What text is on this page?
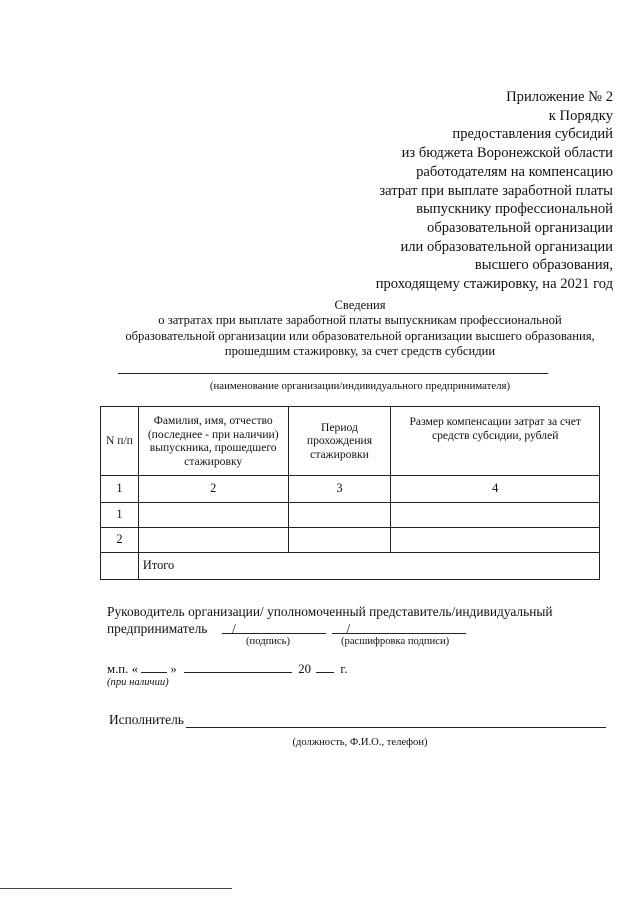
Приложение № 2
к Порядку
предоставления субсидий
из бюджета Воронежской области
работодателям на компенсацию
затрат при выплате заработной платы
выпускнику профессиональной
образовательной организации
или образовательной организации
высшего образования,
проходящему стажировку, на 2021 год
Сведения
о затратах при выплате заработной платы выпускникам профессиональной
образовательной организации или образовательной организации высшего образования,
прошедшим стажировку, за счет средств субсидии
(наименование организации/индивидуального предпринимателя)
N п/п	Фамилия, имя, отчество (последнее - при наличии) выпускника, прошедшего стажировку	Период прохождения стажировки	Размер компенсации затрат за счет средств субсидии, рублей
1	2	3	4
1			
2			
	Итого		
Руководитель организации/ уполномоченный представитель/индивидуальный
предприниматель /	/
(подпись)	(расшифровка подписи)
м.п. «	»	20 г.
(при наличии)
Исполнитель
(должность, Ф.И.О., телефон)
